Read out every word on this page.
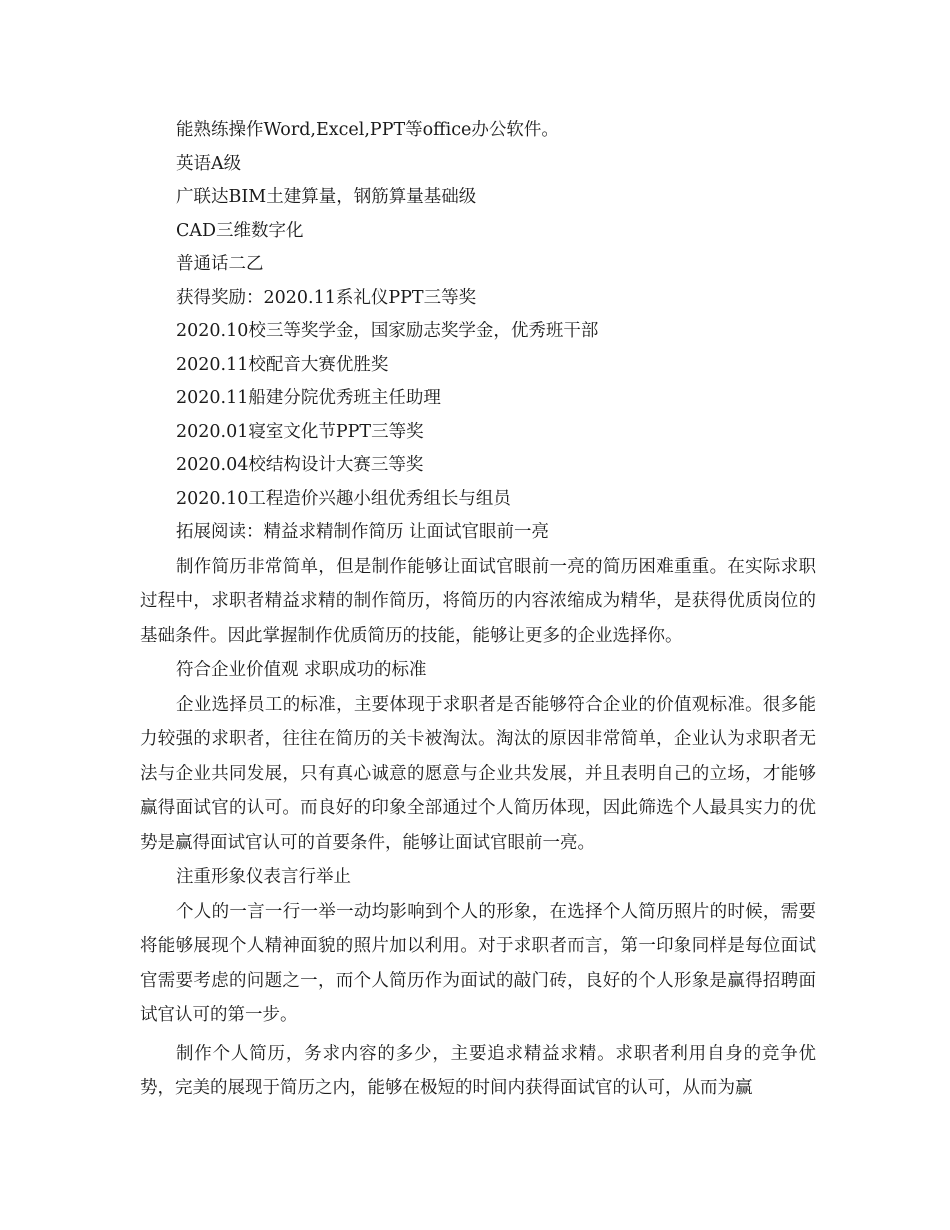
能熟练操作Word,Excel,PPT等office办公软件。
英语A级
广联达BIM土建算量，钢筋算量基础级
CAD三维数字化
普通话二乙
获得奖励：2020.11系礼仪PPT三等奖
2020.10校三等奖学金，国家励志奖学金，优秀班干部
2020.11校配音大赛优胜奖
2020.11船建分院优秀班主任助理
2020.01寝室文化节PPT三等奖
2020.04校结构设计大赛三等奖
2020.10工程造价兴趣小组优秀组长与组员
拓展阅读：精益求精制作简历 让面试官眼前一亮

制作简历非常简单，但是制作能够让面试官眼前一亮的简历困难重重。在实际求职过程中，求职者精益求精的制作简历，将简历的内容浓缩成为精华，是获得优质岗位的基础条件。因此掌握制作优质简历的技能，能够让更多的企业选择你。

符合企业价值观 求职成功的标准

企业选择员工的标准，主要体现于求职者是否能够符合企业的价值观标准。很多能力较强的求职者，往往在简历的关卡被淘汰。淘汰的原因非常简单，企业认为求职者无法与企业共同发展，只有真心诚意的愿意与企业共发展，并且表明自己的立场，才能够赢得面试官的认可。而良好的印象全部通过个人简历体现，因此筛选个人最具实力的优势是赢得面试官认可的首要条件，能够让面试官眼前一亮。

注重形象仪表言行举止

个人的一言一行一举一动均影响到个人的形象，在选择个人简历照片的时候，需要将能够展现个人精神面貌的照片加以利用。对于求职者而言，第一印象同样是每位面试官需要考虑的问题之一，而个人简历作为面试的敲门砖，良好的个人形象是赢得招聘面试官认可的第一步。

制作个人简历，务求内容的多少，主要追求精益求精。求职者利用自身的竞争优势，完美的展现于简历之内，能够在极短的时间内获得面试官的认可，从而为赢
